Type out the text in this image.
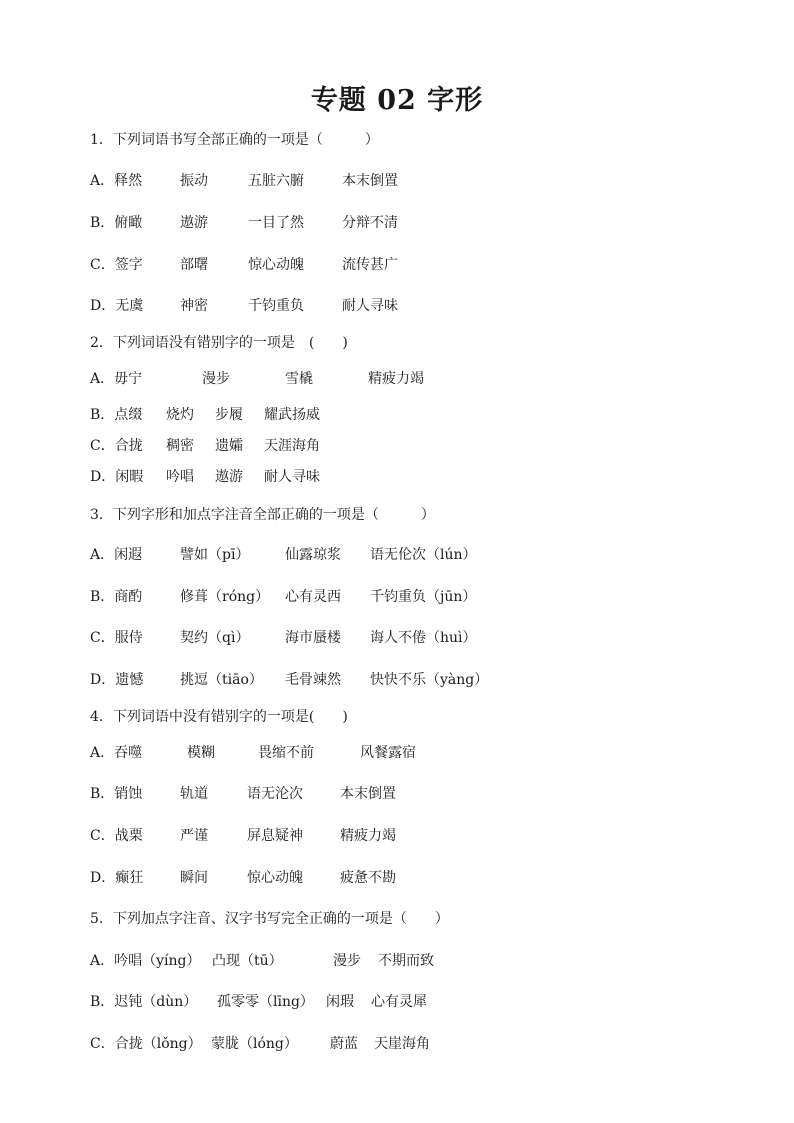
专题 02 字形
1．下列词语书写全部正确的一项是（　　　）
A．释然	振动	五脏六腑	本末倒置
B．俯瞰	遨游	一目了然	分辩不清
C．签字	部曙	惊心动魄	流传甚广
D．无虞	神密	千钧重负	耐人寻味
2．下列词语没有错别字的一项是　(　　)
A．毋宁	漫步	雪橇	精疲力竭
B．点缀 烧灼 步履 耀武扬威
C．合拢 稠密 遗孀 天涯海角
D．闲暇 吟唱 遨游 耐人寻味
3．下列字形和加点字注音全部正确的一项是（　　　）
A．闲遐	譬如（pī）	仙露琼浆 语无伦次（lún）
B．商酌	修葺（róng） 心有灵西 千钧重负（jūn）
C．服侍	契约（qì）	海市蜃楼 诲人不倦（huì）
D．遗憾	挑逗（tiāo） 毛骨竦然 快快不乐（yàng）
4．下列词语中没有错别字的一项是(　　)
A．吞噬	模糊	畏缩不前	风餐露宿
B．销蚀	轨道	语无沦次	本末倒置
C．战栗	严谨	屏息疑神	精疲力竭
D．癫狂	瞬间	惊心动魄	疲惫不勘
5．下列加点字注音、汉字书写完全正确的一项是（　　）
A．吟唱（yíng） 凸现（tū）	漫步 不期而致
B．迟钝（dùn） 孤零零（līng） 闲瑕 心有灵犀
C．合拢（lǒng） 蒙胧（lóng） 蔚蓝 天崖海角
